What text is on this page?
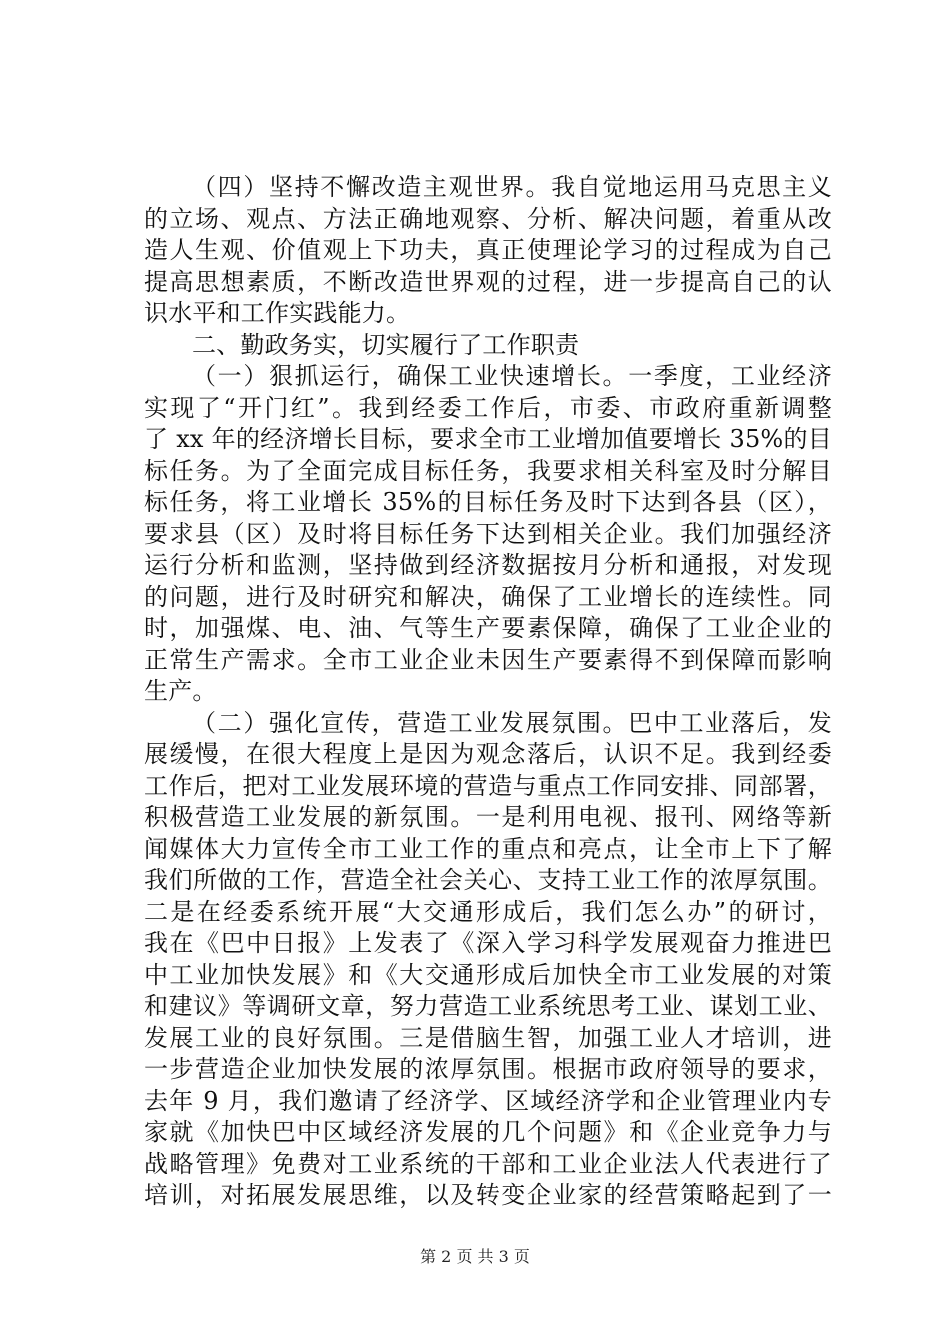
（四）坚持不懈改造主观世界。我自觉地运用马克思主义
的立场、观点、方法正确地观察、分析、解决问题，着重从改
造人生观、价值观上下功夫，真正使理论学习的过程成为自己
提高思想素质，不断改造世界观的过程，进一步提高自己的认
识水平和工作实践能力。
二、勤政务实，切实履行了工作职责
（一）狠抓运行，确保工业快速增长。一季度，工业经济
实现了“开门红”。我到经委工作后，市委、市政府重新调整
了 xx 年的经济增长目标，要求全市工业增加值要增长 35%的目
标任务。为了全面完成目标任务，我要求相关科室及时分解目
标任务，将工业增长 35%的目标任务及时下达到各县（区），
要求县（区）及时将目标任务下达到相关企业。我们加强经济
运行分析和监测，坚持做到经济数据按月分析和通报，对发现
的问题，进行及时研究和解决，确保了工业增长的连续性。同
时，加强煤、电、油、气等生产要素保障，确保了工业企业的
正常生产需求。全市工业企业未因生产要素得不到保障而影响
生产。
（二）强化宣传，营造工业发展氛围。巴中工业落后，发
展缓慢，在很大程度上是因为观念落后，认识不足。我到经委
工作后，把对工业发展环境的营造与重点工作同安排、同部署，
积极营造工业发展的新氛围。一是利用电视、报刊、网络等新
闻媒体大力宣传全市工业工作的重点和亮点，让全市上下了解
我们所做的工作，营造全社会关心、支持工业工作的浓厚氛围。
二是在经委系统开展“大交通形成后，我们怎么办”的研讨，
我在《巴中日报》上发表了《深入学习科学发展观奋力推进巴
中工业加快发展》和《大交通形成后加快全市工业发展的对策
和建议》等调研文章，努力营造工业系统思考工业、谋划工业、
发展工业的良好氛围。三是借脑生智，加强工业人才培训，进
一步营造企业加快发展的浓厚氛围。根据市政府领导的要求，
去年 9 月，我们邀请了经济学、区域经济学和企业管理业内专
家就《加快巴中区域经济发展的几个问题》和《企业竞争力与
战略管理》免费对工业系统的干部和工业企业法人代表进行了
培训，对拓展发展思维，以及转变企业家的经营策略起到了一
第 2 页 共 3 页
